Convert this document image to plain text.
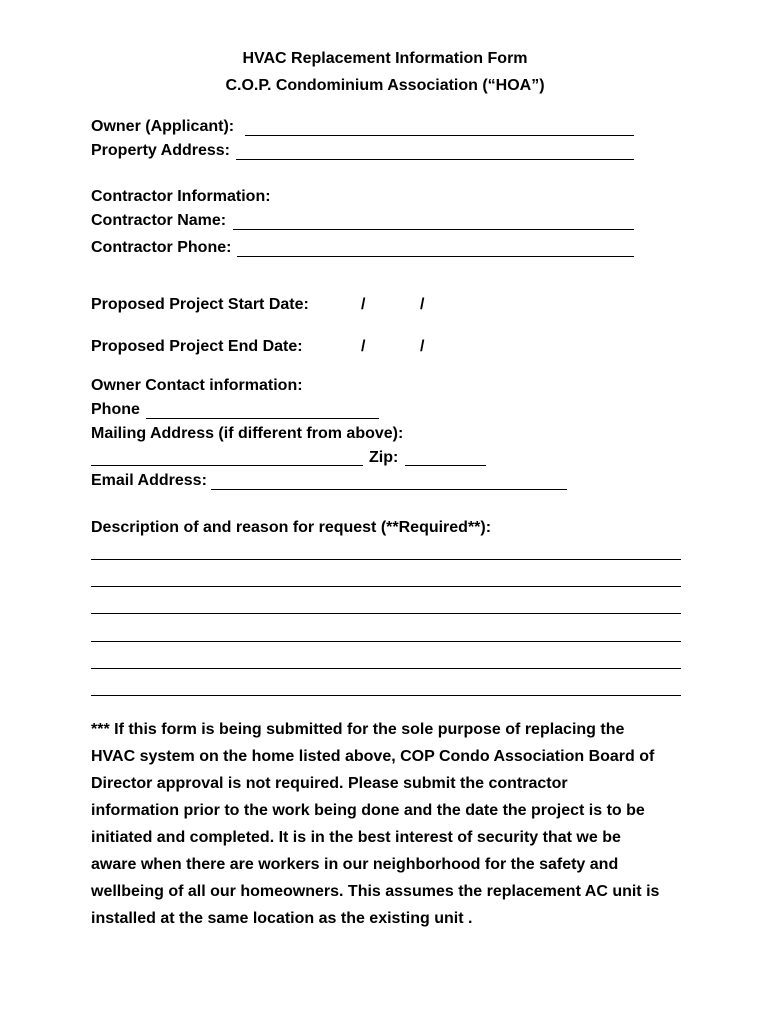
HVAC Replacement Information Form
C.O.P. Condominium Association (“HOA”)
Owner (Applicant):
Property Address:
Contractor Information:
Contractor Name:
Contractor Phone:
Proposed Project Start Date:	/	/
Proposed Project End Date:	/	/
Owner Contact information:
Phone
Mailing Address (if different from above):
Zip:
Email Address:
Description of and reason for request (**Required**):
*** If this form is being submitted for the sole purpose of replacing the
HVAC system on the home listed above, COP Condo Association Board of
Director approval is not required. Please submit the contractor
information prior to the work being done and the date the project is to be
initiated and completed. It is in the best interest of security that we be
aware when there are workers in our neighborhood for the safety and
wellbeing of all our homeowners. This assumes the replacement AC unit is
installed at the same location as the existing unit .
